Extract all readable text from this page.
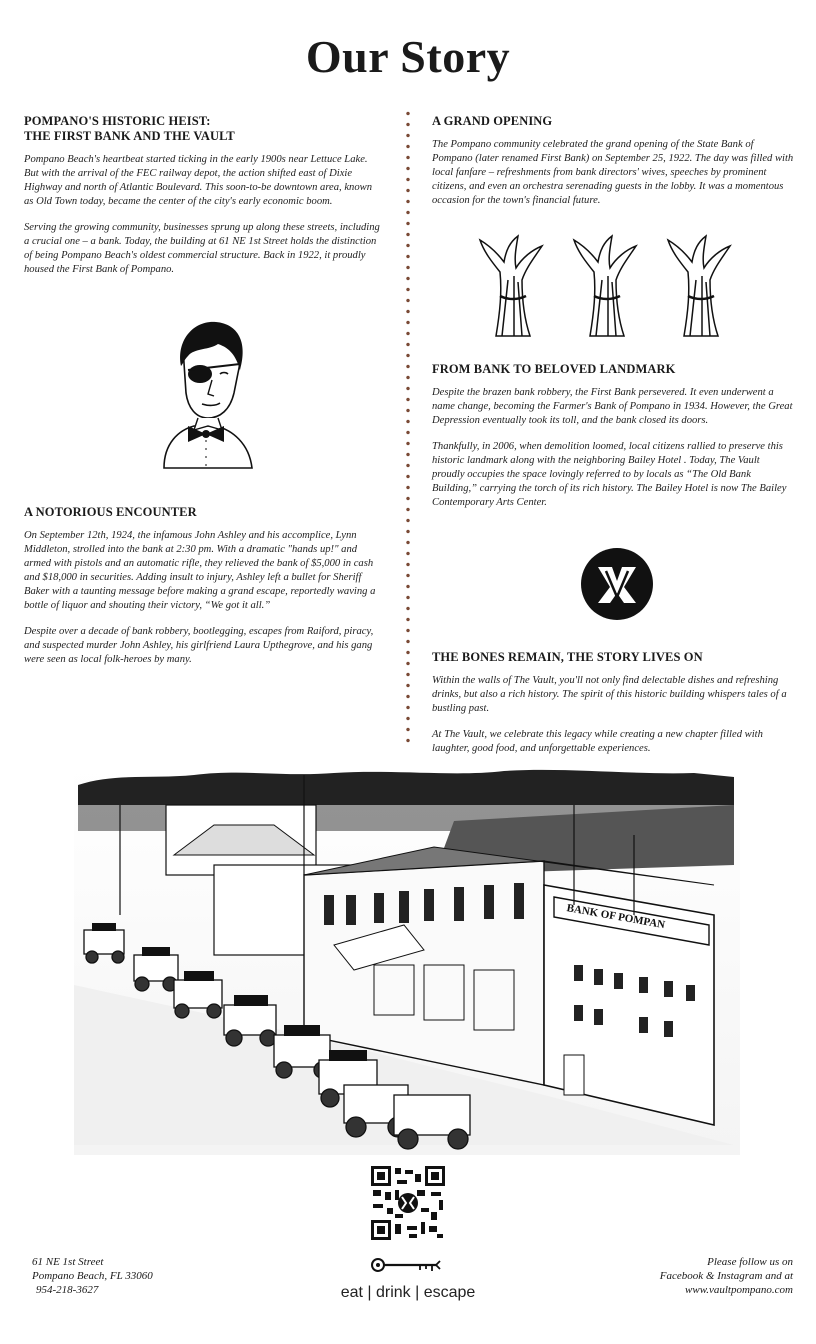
Our Story
POMPANO'S HISTORIC HEIST:
THE FIRST BANK AND THE VAULT

Pompano Beach's heartbeat started ticking in the early 1900s near Lettuce Lake. But with the arrival of the FEC railway depot, the action shifted east of Dixie Highway and north of Atlantic Boulevard. This soon-to-be downtown area, known as Old Town today, became the center of the city's early economic boom.

Serving the growing community, businesses sprung up along these streets, including a crucial one – a bank. Today, the building at 61 NE 1st Street holds the distinction of being Pompano Beach's oldest commercial structure. Back in 1922, it proudly housed the First Bank of Pompano.

A NOTORIOUS ENCOUNTER

On September 12th, 1924, the infamous John Ashley and his accomplice, Lynn Middleton, strolled into the bank at 2:30 pm. With a dramatic "hands up!" and armed with pistols and an automatic rifle, they relieved the bank of $5,000 in cash and $18,000 in securities. Adding insult to injury, Ashley left a bullet for Sheriff Baker with a taunting message before making a grand escape, reportedly waving a bottle of liquor and shouting their victory, “We got it all.”

Despite over a decade of bank robbery, bootlegging, escapes from Raiford, piracy, and suspected murder John Ashley, his girlfriend Laura Upthegrove, and his gang were seen as local folk-heroes by many.

A GRAND OPENING

The Pompano community celebrated the grand opening of the State Bank of Pompano (later renamed First Bank) on September 25, 1922. The day was filled with local fanfare – refreshments from bank directors' wives, speeches by prominent citizens, and even an orchestra serenading guests in the lobby. It was a momentous occasion for the town's financial future.

FROM BANK TO BELOVED LANDMARK

Despite the brazen bank robbery, the First Bank persevered. It even underwent a name change, becoming the Farmer's Bank of Pompano in 1934. However, the Great Depression eventually took its toll, and the bank closed its doors.

Thankfully, in 2006, when demolition loomed, local citizens rallied to preserve this historic landmark along with the neighboring Bailey Hotel . Today, The Vault proudly occupies the space lovingly referred to by locals as “The Old Bank Building,” carrying the torch of its rich history. The Bailey Hotel is now The Bailey Contemporary Arts Center.

THE BONES REMAIN, THE STORY LIVES ON

Within the walls of The Vault, you'll not only find delectable dishes and refreshing drinks, but also a rich history. The spirit of this historic building whispers tales of a bustling past.

At The Vault, we celebrate this legacy while creating a new chapter filled with laughter, good food, and unforgettable experiences.

BANK OF POMPAN
eat | drink | escape
61 NE 1st Street
Pompano Beach, FL 33060
954-218-3627
Please follow us on
Facebook & Instagram and at
www.vaultpompano.com
